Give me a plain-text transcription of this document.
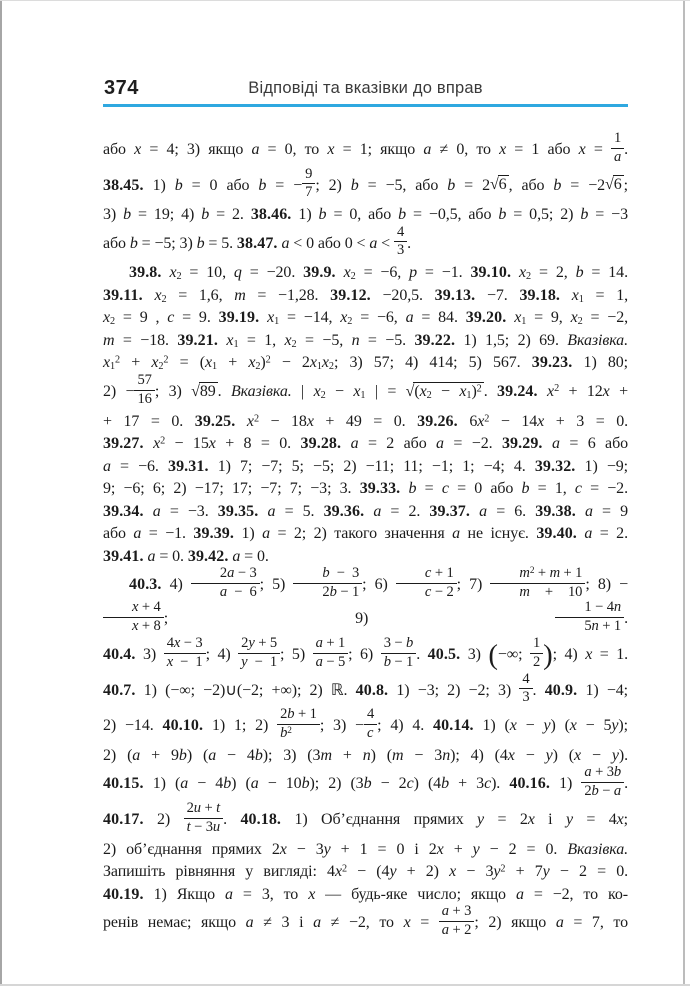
374	Відповіді та вказівки до вправ
або x = 4; 3) якщо a = 0, то x = 1; якщо a ≠ 0, то x = 1 або $x = \frac{1}{a}$ .
38.45. 1) b = 0 або b = − $\frac{9}{7}$ ; 2) b = −5, або b = 2√6 , або b = −2√6 ;
3) b = 19; 4) b = 2. 38.46. 1) b = 0, або b = −0,5, або b = 0,5; 2) b = −3
або b = −5; 3) b = 5. 38.47. a < 0 або $0 < a < \frac{4}{3}$ .
39.8. $x_2 = 10$, q = −20. 39.9. $x_2 = -6$, p = −1. 39.10. $x_2 = 2$, b = 14.
39.11. $x_2 = 1,6$, m = −1,28. 39.12. −20,5. 39.13. −7. 39.18. $x_1 = 1$,
$x_2 = 9$ , c = 9. 39.19. $x_1 = -14$, $x_2 = -6$, a = 84. 39.20. $x_1 = 9$, $x_2 = -2$,
m = −18. 39.21. $x_1 = 1$, $x_2 = -5$, n = −5. 39.22. 1) 1,5; 2) 69. Вказівка.
$x_1^2 + x_2^2 = (x_1 + x_2)^2 - 2x_1x_2$; 3) 57; 4) 414; 5) 567. 39.23. 1) 80;
$2) - \frac{57}{16}$ ; 3) √89 . Вказівка. | $x_2 - x_1$ | = $√(x_2 - x_1)^2$ . 39.24. $x^2 + 12x$ +
+ 17 = 0. 39.25. $x^2 - 18x + 49 = 0$. 39.26. $6x^2 - 14x + 3 = 0$.
39.27. $x^2 - 15x + 8 = 0$. 39.28. a = 2 або a = −2. 39.29. a = 6 або
a = −6. 39.31. 1) 7; −7; 5; −5; 2) −11; 11; −1; 1; −4; 4. 39.32. 1) −9;
9; −6; 6; 2) −17; 17; −7; 7; −3; 3. 39.33. b = c = 0 або b = 1, c = −2.
39.34. a = −3. 39.35. a = 5. 39.36. a = 2. 39.37. a = 6. 39.38. a = 9
або a = −1. 39.39. 1) a = 2; 2) такого значення a не існує. 39.40. a = 2.
39.41. a = 0. 39.42. a = 0.
40.3. $4) \frac{2a - 3}{a - 6}$ ; $5) \frac{b - 3}{2b - 1}$ ; $6) \frac{c + 1}{c - 2}$ ; $7) \frac{m^2 + m + 1}{m + 10}$ ; 8) −
$\frac{x + 4}{x + 8}$ ; $9) \frac{1 - 4n}{5n + 1}$ .
40.4. $3) \frac{4x - 3}{x - 1}$ ; $4) \frac{2y + 5}{y - 1}$ ; $5) \frac{a + 1}{a - 5}$ ; $6) \frac{3 - b}{b - 1}$ . 40.5. 3) (−∞; $\frac{1}{2}$ ); 4) x = 1.
40.7. 1) (−∞; −2)∪(−2; +∞); 2) ℝ. 40.8. 1) −3; 2) −2; $3) \frac{4}{3}$ . 40.9. 1) −4;
2) −14. 40.10. 1) 1; $2) \frac{2b + 1}{b^2}$ ; $3) - \frac{4}{c}$ ; 4) 4. 40.14. 1) (x − y) (x − 5y);
2) (a + 9b) (a − 4b); 3) (3m + n) (m − 3n); 4) (4x − y) (x − y).
40.15. 1) (a − 4b) (a − 10b); 2) (3b − 2c) (4b + 3c). 40.16. $1) \frac{a + 3b}{2b - a}$ .
40.17. $2) \frac{2u + t}{t - 3u}$ . 40.18. 1) Об’єднання прямих y = 2x і y = 4x;
2) об’єднання прямих 2x − 3y + 1 = 0 і 2x + y − 2 = 0. Вказівка.
Запишіть рівняння у вигляді: $4x^2 - (4y + 2) x - 3y^2 + 7y - 2 = 0$.
40.19. 1) Якщо a = 3, то x — будь-яке число; якщо a = −2, то ко-
ренів немає; якщо a ≠ 3 і a ≠ −2, то $x = \frac{a + 3}{a + 2}$ ; 2) якщо a = 7, то
